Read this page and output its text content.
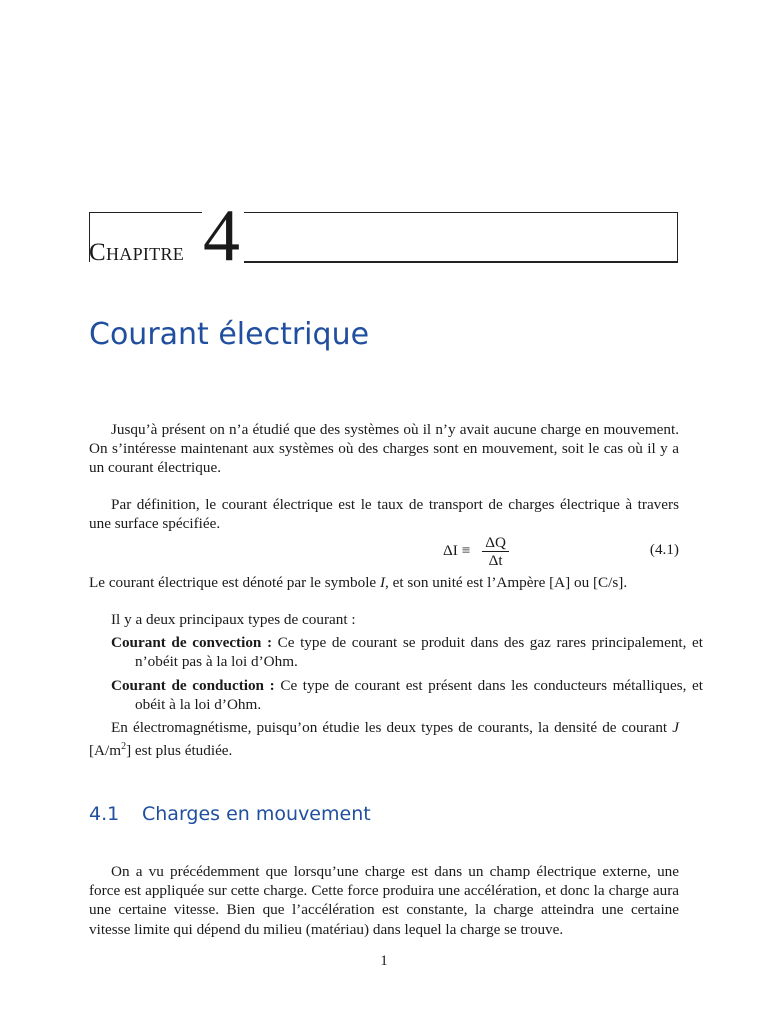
Chapitre 4
Courant électrique

Jusqu’à présent on n’a étudié que des systèmes où il n’y avait aucune charge en mouvement. On s’intéresse maintenant aux systèmes où des charges sont en mouvement, soit le cas où il y a un courant électrique.

Par définition, le courant électrique est le taux de transport de charges électrique à travers une surface spécifiée.

$\Delta I \equiv \frac{\Delta Q}{\Delta t}$	(4.1)

Le courant électrique est dénoté par le symbole I, et son unité est l’Ampère [A] ou [C/s].

Il y a deux principaux types de courant :

Courant de convection : Ce type de courant se produit dans des gaz rares principalement, et n’obéit pas à la loi d’Ohm.
Courant de conduction : Ce type de courant est présent dans les conducteurs métalliques, et obéit à la loi d’Ohm.

En électromagnétisme, puisqu’on étudie les deux types de courants, la densité de courant J $[A/m^2]$ est plus étudiée.

4.1 Charges en mouvement

On a vu précédemment que lorsqu’une charge est dans un champ électrique externe, une force est appliquée sur cette charge. Cette force produira une accélération, et donc la charge aura une certaine vitesse. Bien que l’accélération est constante, la charge atteindra une certaine vitesse limite qui dépend du milieu (matériau) dans lequel la charge se trouve.

1
